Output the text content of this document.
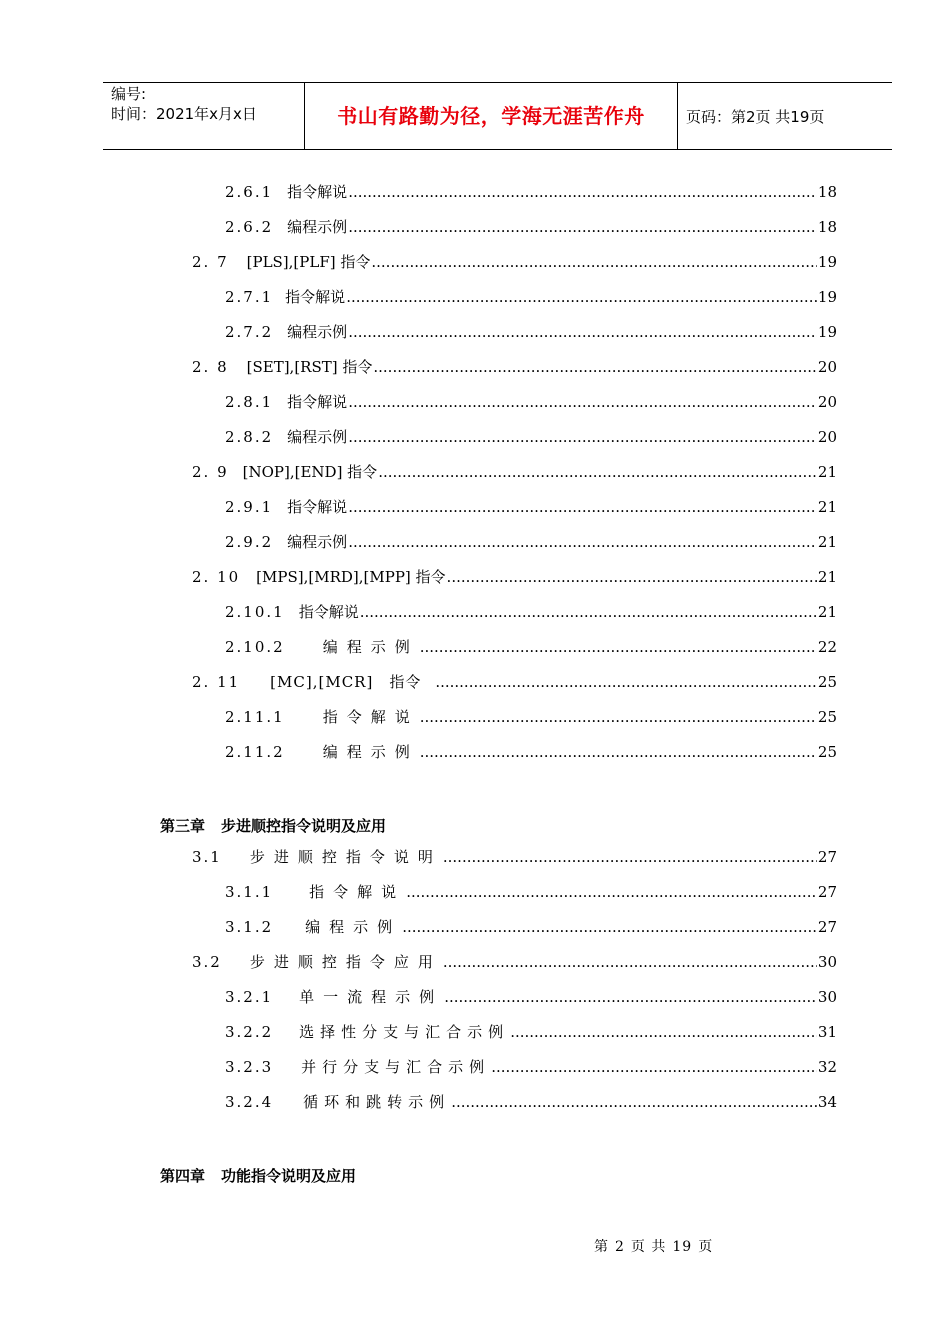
编号:
时间：2021年x月x日	书山有路勤为径，学海无涯苦作舟	页码：第2页 共19页
2.6.1 指令解说 .....	18
2.6.2 编程示例 .....	18
2. 7 [PLS],[PLF] 指令 .....	19
2.7.1 指令解说 .....	19
2.7.2 编程示例 .....	19
2. 8 [SET],[RST] 指令 .....	20
2.8.1 指令解说 .....	20
2.8.2 编程示例 .....	20
2. 9 [NOP],[END] 指令 .....	21
2.9.1 指令解说 .....	21
2.9.2 编程示例 .....	21
2. 10 [MPS],[MRD],[MPP] 指令 .....	21
2.10.1 指令解说 .....	21
2.10.2	编程示例 .....	22
2. 11 [MC],[MCR]　指令 .....	25
2.11.1	指令解说 .....	25
2.11.2	编程示例 .....	25
第三章 步进顺控指令说明及应用
3.1 步进顺控指令说明 .....	27
3.1.1 指令解说 .....	27
3.1.2 编程示例 .....	27
3.2 步进顺控指令应用 .....	30
3.2.1 单一流程示例 .....	30
3.2.2 选择性分支与汇合示例 .....	31
3.2.3 并行分支与汇合示例 .....	32
3.2.4 循环和跳转示例 .....	34
第四章 功能指令说明及应用
第 2 页 共 19 页
